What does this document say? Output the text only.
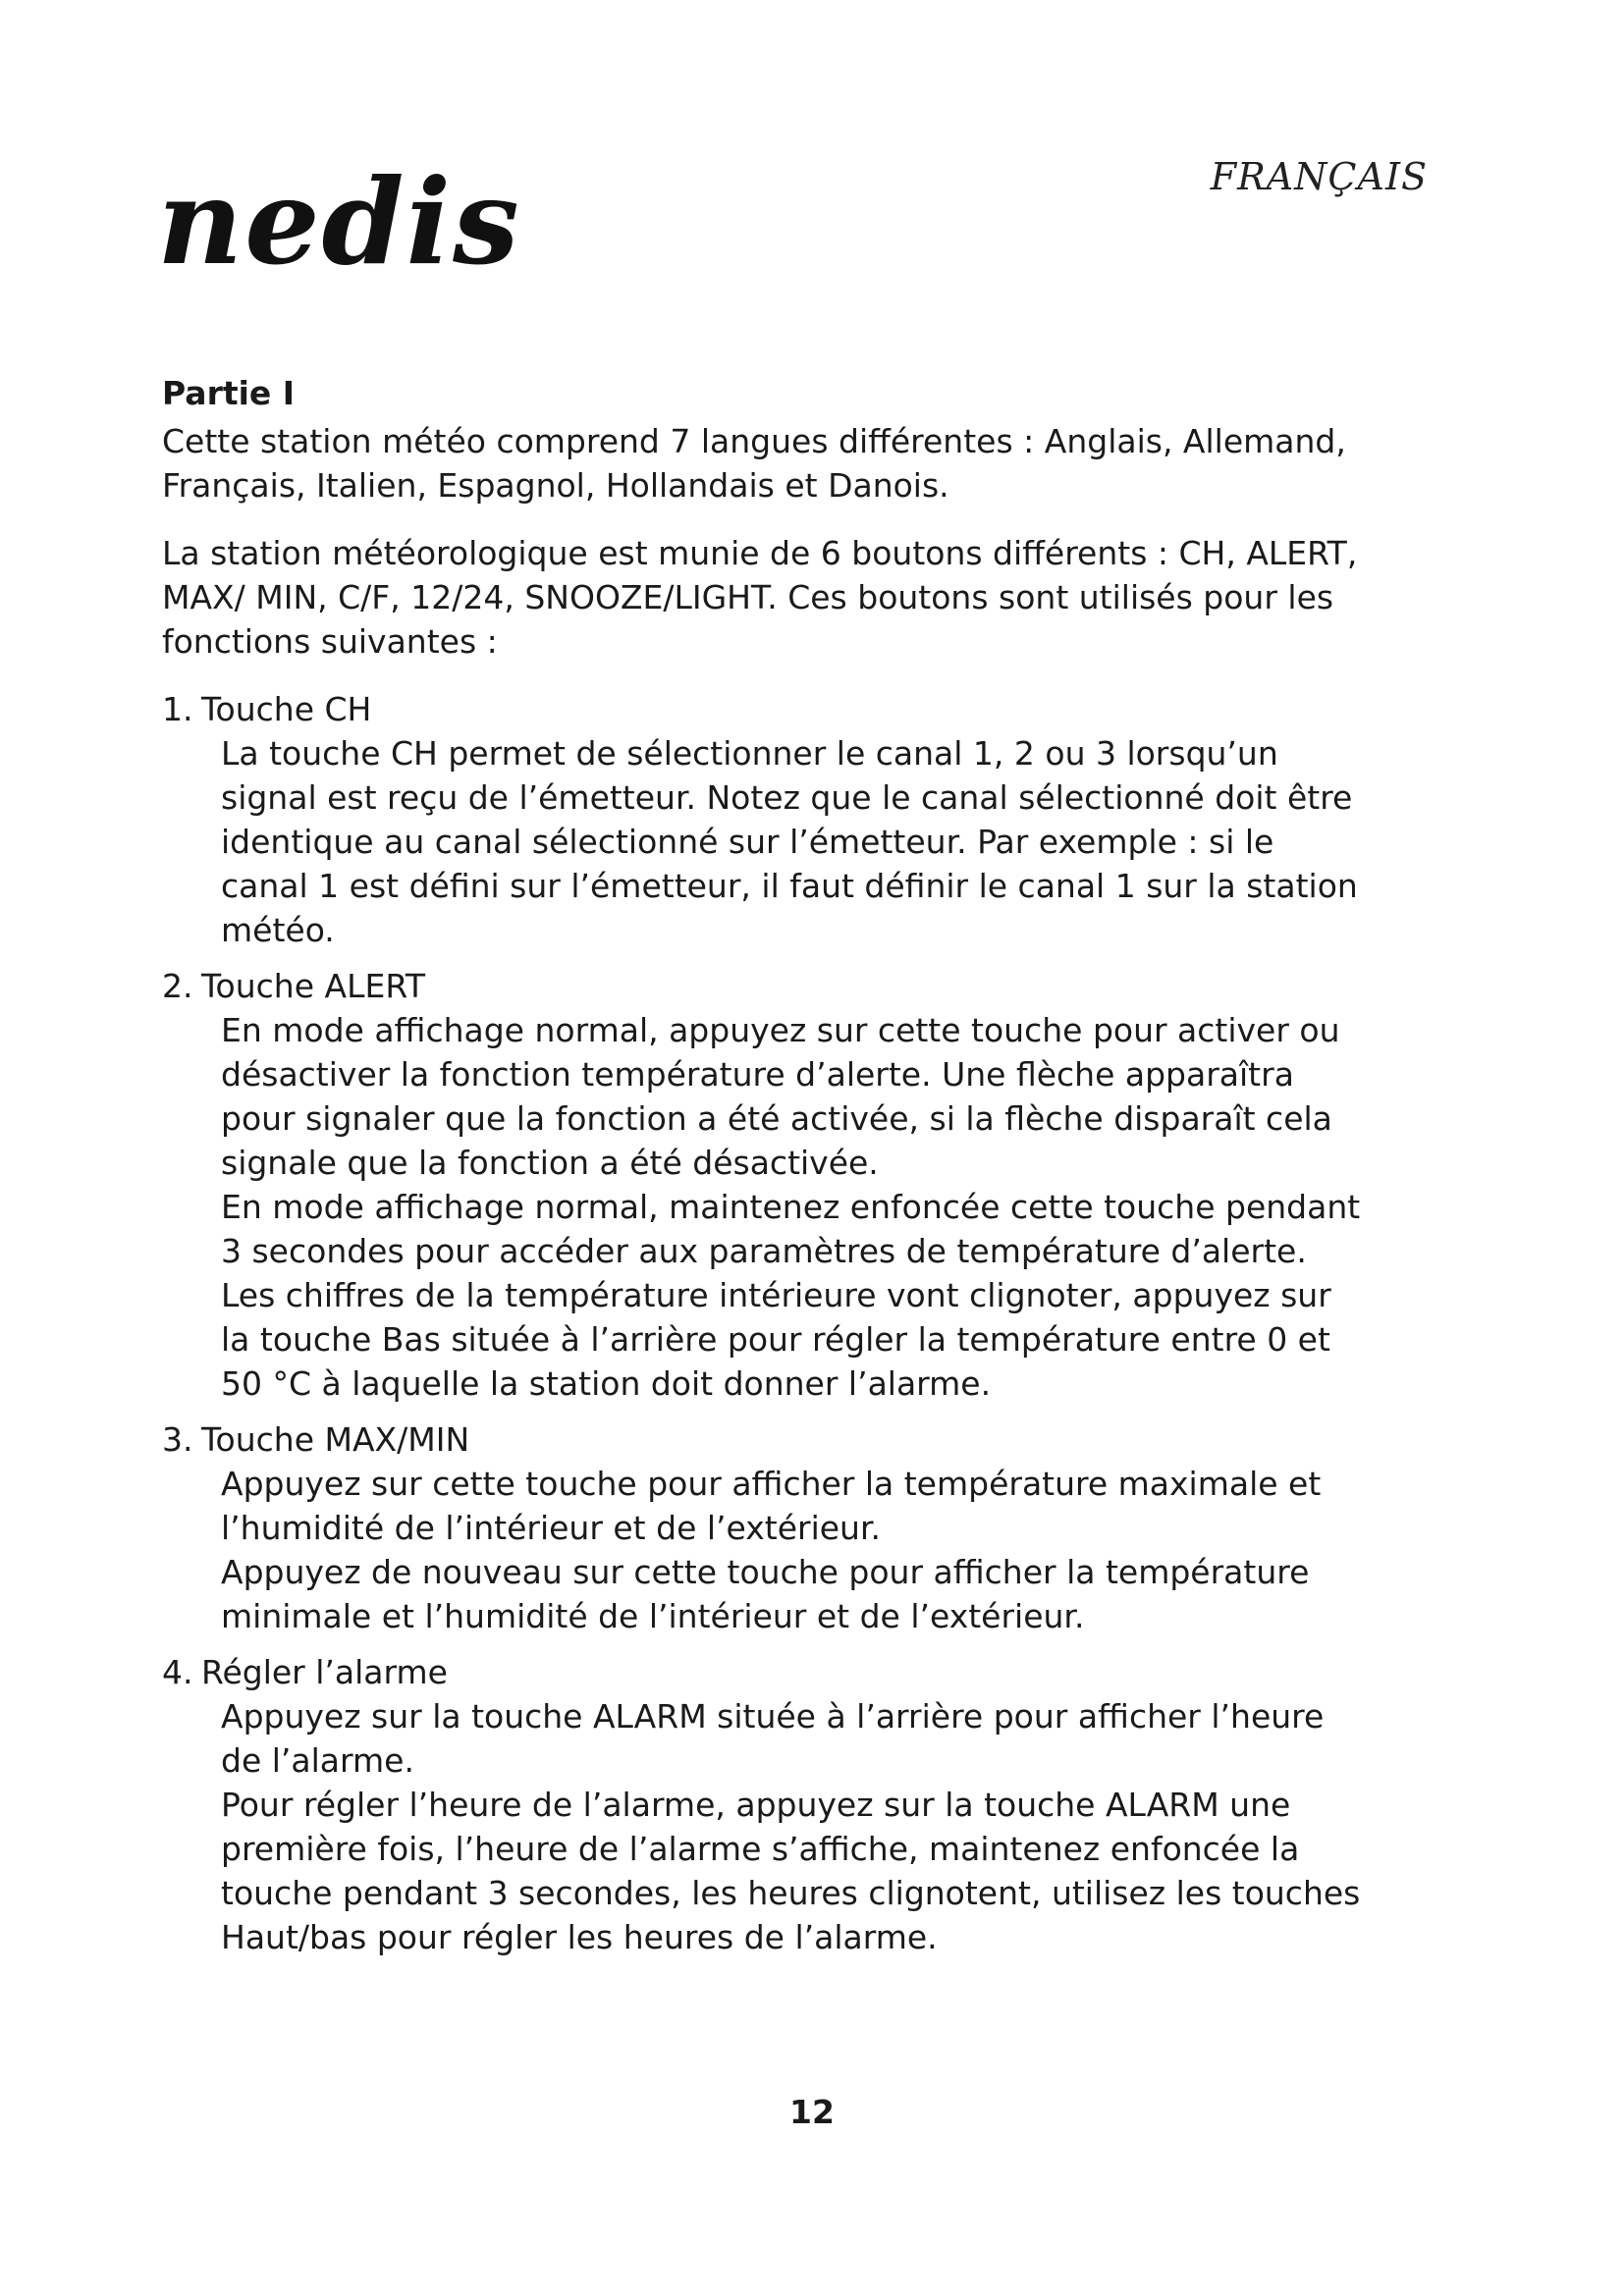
nedis	FRANÇAIS
Partie I

Cette station météo comprend 7 langues différentes : Anglais, Allemand, Français, Italien, Espagnol, Hollandais et Danois.

La station météorologique est munie de 6 boutons différents : CH, ALERT, MAX/ MIN, C/F, 12/24, SNOOZE/LIGHT. Ces boutons sont utilisés pour les fonctions suivantes :

1. Touche CH
La touche CH permet de sélectionner le canal 1, 2 ou 3 lorsqu’un signal est reçu de l’émetteur. Notez que le canal sélectionné doit être identique au canal sélectionné sur l’émetteur. Par exemple : si le canal 1 est défini sur l’émetteur, il faut définir le canal 1 sur la station météo.
2. Touche ALERT
En mode affichage normal, appuyez sur cette touche pour activer ou désactiver la fonction température d’alerte. Une flèche apparaîtra pour signaler que la fonction a été activée, si la flèche disparaît cela signale que la fonction a été désactivée.
En mode affichage normal, maintenez enfoncée cette touche pendant 3 secondes pour accéder aux paramètres de température d’alerte. Les chiffres de la température intérieure vont clignoter, appuyez sur la touche Bas située à l’arrière pour régler la température entre 0 et 50 °C à laquelle la station doit donner l’alarme.
3. Touche MAX/MIN
Appuyez sur cette touche pour afficher la température maximale et l’humidité de l’intérieur et de l’extérieur.
Appuyez de nouveau sur cette touche pour afficher la température minimale et l’humidité de l’intérieur et de l’extérieur.
4. Régler l’alarme
Appuyez sur la touche ALARM située à l’arrière pour afficher l’heure de l’alarme.
Pour régler l’heure de l’alarme, appuyez sur la touche ALARM une première fois, l’heure de l’alarme s’affiche, maintenez enfoncée la touche pendant 3 secondes, les heures clignotent, utilisez les touches Haut/bas pour régler les heures de l’alarme.
12
